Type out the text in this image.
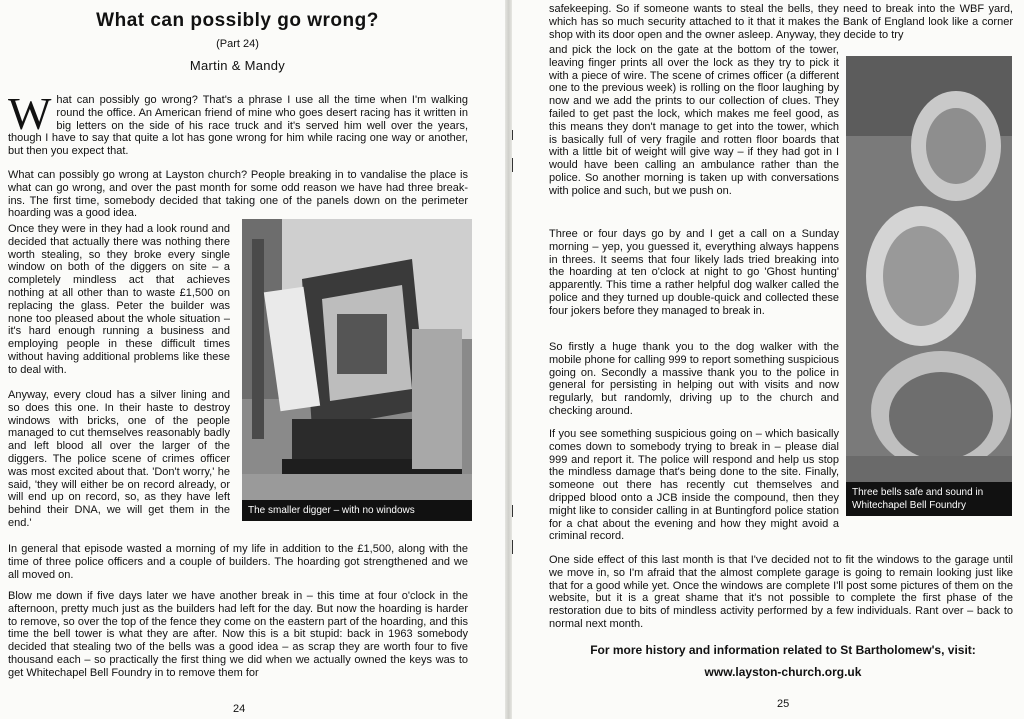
What can possibly go wrong?
(Part 24)
Martin & Mandy

What can possibly go wrong? That's a phrase I use all the time when I'm walking round the office. An American friend of mine who goes desert racing has it written in big letters on the side of his race truck and it's served him well over the years, though I have to say that quite a lot has gone wrong for him while racing one way or another, but then you expect that.

What can possibly go wrong at Layston church? People breaking in to vandalise the place is what can go wrong, and over the past month for some odd reason we have had three break-ins. The first time, somebody decided that taking one of the panels down on the perimeter hoarding was a good idea.

Once they were in they had a look round and decided that actually there was nothing there worth stealing, so they broke every single window on both of the diggers on site – a completely mindless act that achieves nothing at all other than to waste £1,500 on replacing the glass. Peter the builder was none too pleased about the whole situation – it's hard enough running a business and employing people in these difficult times without having additional problems like these to deal with.

Anyway, every cloud has a silver lining and so does this one. In their haste to destroy windows with bricks, one of the people managed to cut themselves reasonably badly and left blood all over the larger of the diggers. The police scene of crimes officer was most excited about that. 'Don't worry,' he said, 'they will either be on record already, or will end up on record, so, as they have left behind their DNA, we will get them in the end.'

The smaller digger – with no windows

In general that episode wasted a morning of my life in addition to the £1,500, along with the time of three police officers and a couple of builders. The hoarding got strengthened and we all moved on.

Blow me down if five days later we have another break in – this time at four o'clock in the afternoon, pretty much just as the builders had left for the day. But now the hoarding is harder to remove, so over the top of the fence they come on the eastern part of the hoarding, and this time the bell tower is what they are after. Now this is a bit stupid: back in 1963 somebody decided that stealing two of the bells was a good idea – as scrap they are worth four to five thousand each – so practically the first thing we did when we actually owned the keys was to get Whitechapel Bell Foundry in to remove them for

24

safekeeping. So if someone wants to steal the bells, they need to break into the WBF yard, which has so much security attached to it that it makes the Bank of England look like a corner shop with its door open and the owner asleep. Anyway, they decide to try

and pick the lock on the gate at the bottom of the tower, leaving finger prints all over the lock as they try to pick it with a piece of wire. The scene of crimes officer (a different one to the previous week) is rolling on the floor laughing by now and we add the prints to our collection of clues. They failed to get past the lock, which makes me feel good, as this means they don't manage to get into the tower, which is basically full of very fragile and rotten floor boards that with a little bit of weight will give way – if they had got in I would have been calling an ambulance rather than the police. So another morning is taken up with conversations with police and such, but we push on.

Three bells safe and sound in Whitechapel Bell Foundry

Three or four days go by and I get a call on a Sunday morning – yep, you guessed it, everything always happens in threes. It seems that four likely lads tried breaking into the hoarding at ten o'clock at night to go 'Ghost hunting' apparently. This time a rather helpful dog walker called the police and they turned up double-quick and collected these four jokers before they managed to break in.

So firstly a huge thank you to the dog walker with the mobile phone for calling 999 to report something suspicious going on. Secondly a massive thank you to the police in general for persisting in helping out with visits and now regularly, but randomly, driving up to the church and checking around.

If you see something suspicious going on – which basically comes down to somebody trying to break in – please dial 999 and report it. The police will respond and help us stop the mindless damage that's being done to the site. Finally, someone out there has recently cut themselves and dripped blood onto a JCB inside the compound, then they might like to consider calling in at Buntingford police station for a chat about the evening and how they might avoid a criminal record.

One side effect of this last month is that I've decided not to fit the windows to the garage until we move in, so I'm afraid that the almost complete garage is going to remain looking just like that for a good while yet. Once the windows are complete I'll post some pictures of them on the website, but it is a great shame that it's not possible to complete the first phase of the restoration due to bits of mindless activity performed by a few individuals. Rant over – back to normal next month.

For more history and information related to St Bartholomew's, visit:
www.layston-church.org.uk
25
